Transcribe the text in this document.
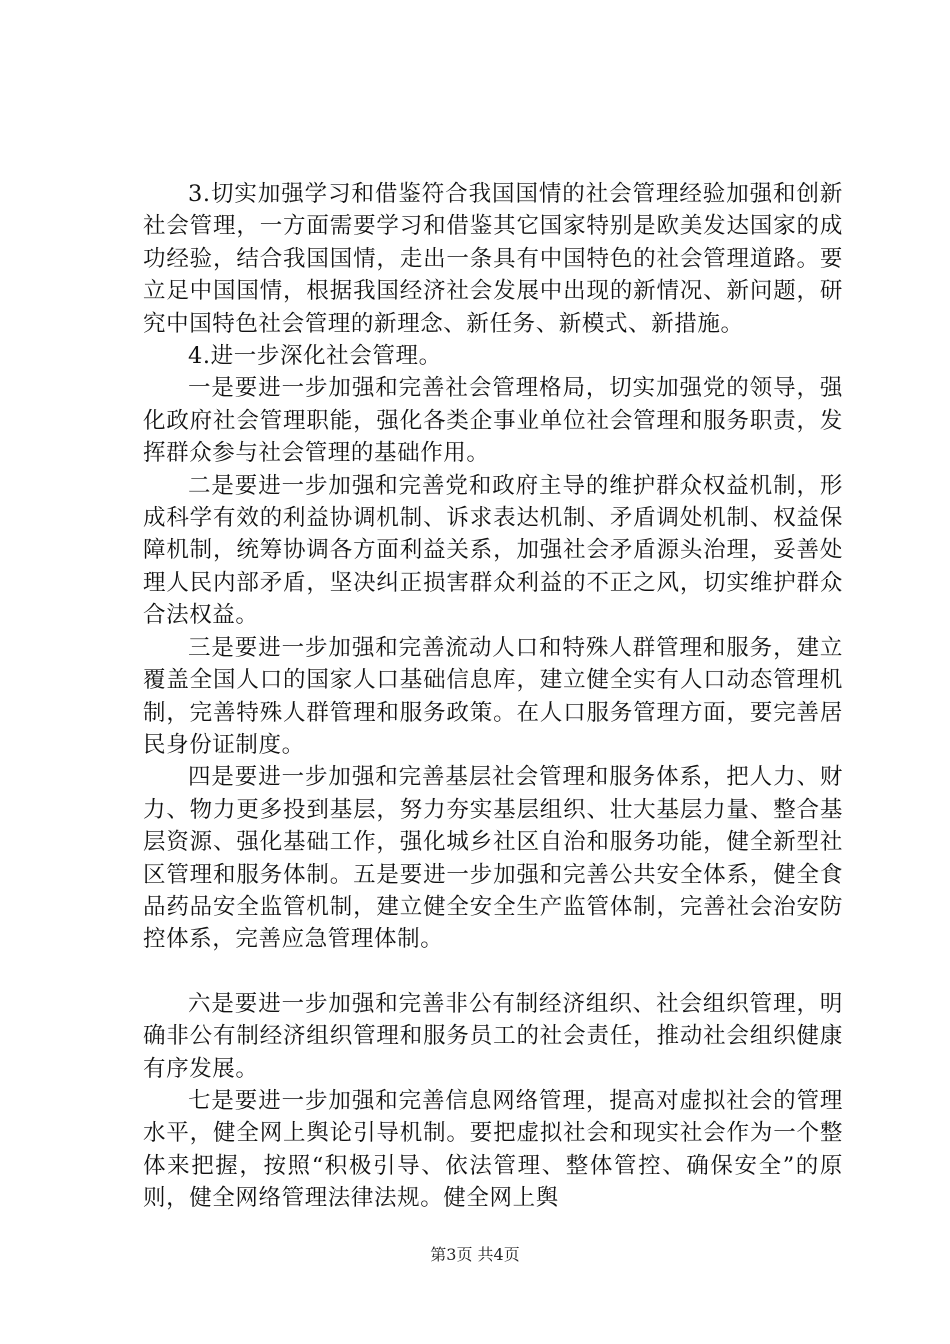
3.切实加强学习和借鉴符合我国国情的社会管理经验加强和创新社会管理，一方面需要学习和借鉴其它国家特别是欧美发达国家的成功经验，结合我国国情，走出一条具有中国特色的社会管理道路。要立足中国国情，根据我国经济社会发展中出现的新情况、新问题，研究中国特色社会管理的新理念、新任务、新模式、新措施。

4.进一步深化社会管理。

一是要进一步加强和完善社会管理格局，切实加强党的领导，强化政府社会管理职能，强化各类企事业单位社会管理和服务职责，发挥群众参与社会管理的基础作用。

二是要进一步加强和完善党和政府主导的维护群众权益机制，形成科学有效的利益协调机制、诉求表达机制、矛盾调处机制、权益保障机制，统筹协调各方面利益关系，加强社会矛盾源头治理，妥善处理人民内部矛盾，坚决纠正损害群众利益的不正之风，切实维护群众合法权益。

三是要进一步加强和完善流动人口和特殊人群管理和服务，建立覆盖全国人口的国家人口基础信息库，建立健全实有人口动态管理机制，完善特殊人群管理和服务政策。在人口服务管理方面，要完善居民身份证制度。

四是要进一步加强和完善基层社会管理和服务体系，把人力、财力、物力更多投到基层，努力夯实基层组织、壮大基层力量、整合基层资源、强化基础工作，强化城乡社区自治和服务功能，健全新型社区管理和服务体制。五是要进一步加强和完善公共安全体系，健全食品药品安全监管机制，建立健全安全生产监管体制，完善社会治安防控体系，完善应急管理体制。

六是要进一步加强和完善非公有制经济组织、社会组织管理，明确非公有制经济组织管理和服务员工的社会责任，推动社会组织健康有序发展。

七是要进一步加强和完善信息网络管理，提高对虚拟社会的管理水平，健全网上舆论引导机制。要把虚拟社会和现实社会作为一个整体来把握，按照“积极引导、依法管理、整体管控、确保安全”的原则，健全网络管理法律法规。健全网上舆

第3页 共4页
